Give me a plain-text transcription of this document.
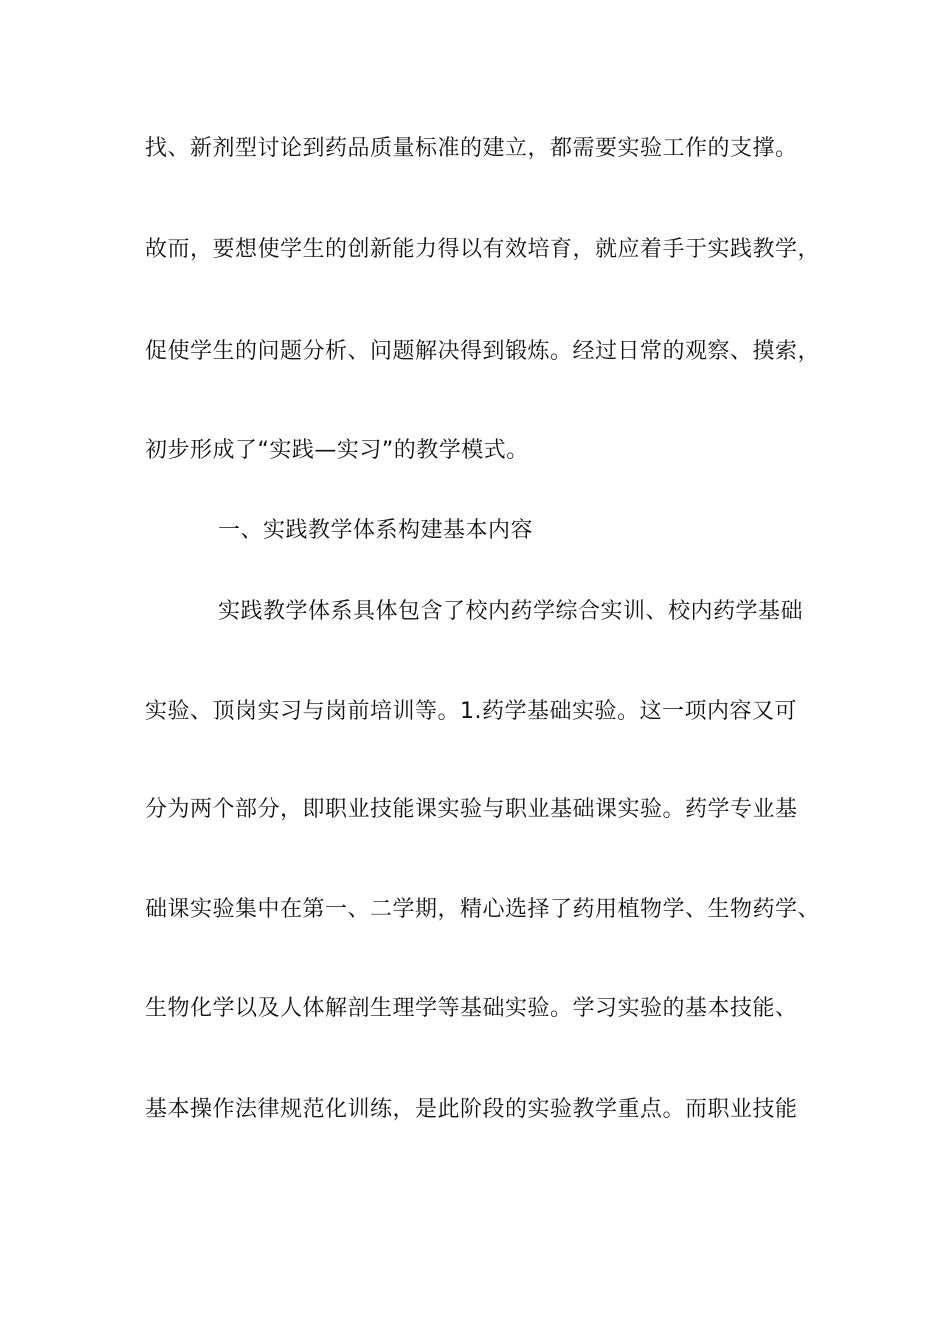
找、新剂型讨论到药品质量标准的建立，都需要实验工作的支撑。
故而，要想使学生的创新能力得以有效培育，就应着手于实践教学，
促使学生的问题分析、问题解决得到锻炼。经过日常的观察、摸索，
初步形成了“实践—实习”的教学模式。
一、实践教学体系构建基本内容
实践教学体系具体包含了校内药学综合实训、校内药学基础
实验、顶岗实习与岗前培训等。1.药学基础实验。这一项内容又可
分为两个部分，即职业技能课实验与职业基础课实验。药学专业基
础课实验集中在第一、二学期，精心选择了药用植物学、生物药学、
生物化学以及人体解剖生理学等基础实验。学习实验的基本技能、
基本操作法律规范化训练，是此阶段的实验教学重点。而职业技能
